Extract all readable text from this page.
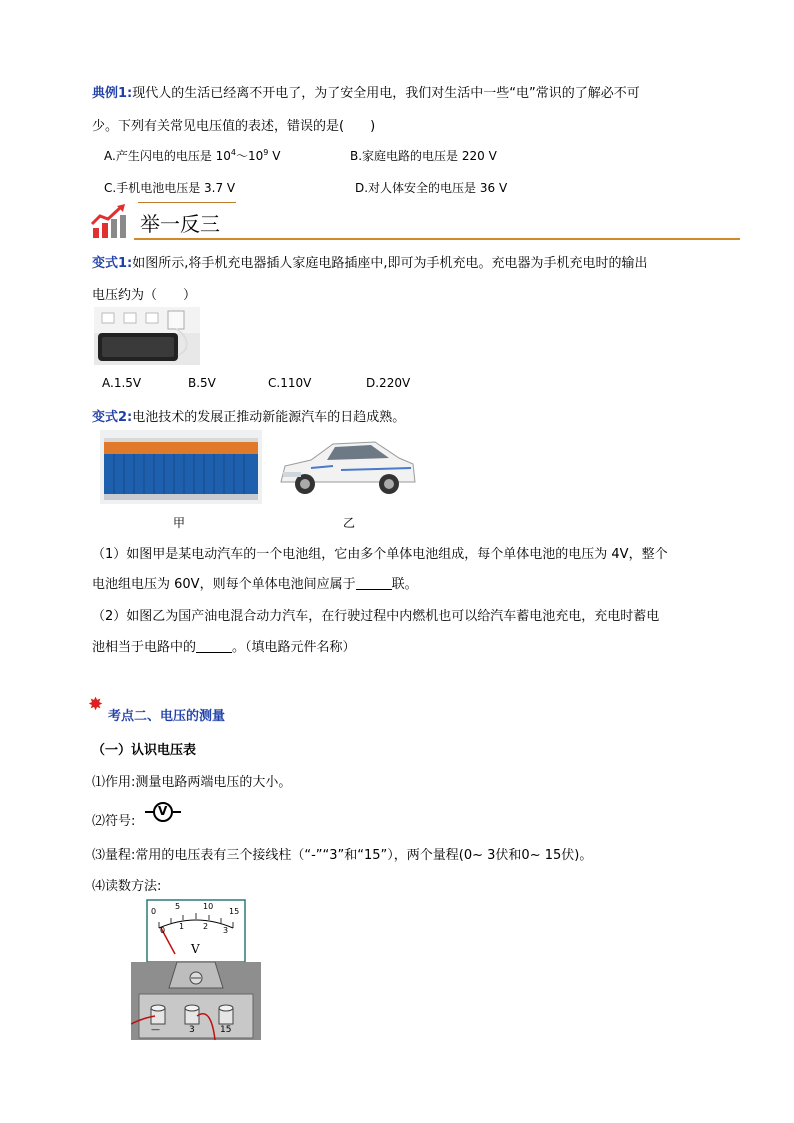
典例1:现代人的生活已经离不开电了，为了安全用电，我们对生活中一些“电”常识的了解必不可
少。下列有关常见电压值的表述，错误的是(　　)
A.产生闪电的电压是 $10^4\sim 10^9$ V	B.家庭电路的电压是 220 V
C.手机电池电压是 3.7 V	D.对人体安全的电压是 36 V
举一反三
变式1:如图所示,将手机充电器插人家庭电路插座中,即可为手机充电。充电器为手机充电时的输出
电压约为（　　）
A.1.5V	B.5V	C.110V	D.220V
变式2:电池技术的发展正推动新能源汽车的日趋成熟。
甲	乙
（1）如图甲是某电动汽车的一个电池组，它由多个单体电池组成，每个单体电池的电压为 4V，整个
电池组电压为 60V，则每个单体电池间应属于	联。
（2）如图乙为国产油电混合动力汽车，在行驶过程中内燃机也可以给汽车蓄电池充电，充电时蓄电
池相当于电路中的	。（填电路元件名称）
✸
考点二、电压的测量
（一）认识电压表
⑴作用:测量电路两端电压的大小。
⑵符号:
V
⑶量程:常用的电压表有三个接线柱（“-”“3”和“15”），两个量程(0~ 3伏和0~ 15伏)。
⑷读数方法:
0
5	10
15
0 1 2 3
V
—	3	15
